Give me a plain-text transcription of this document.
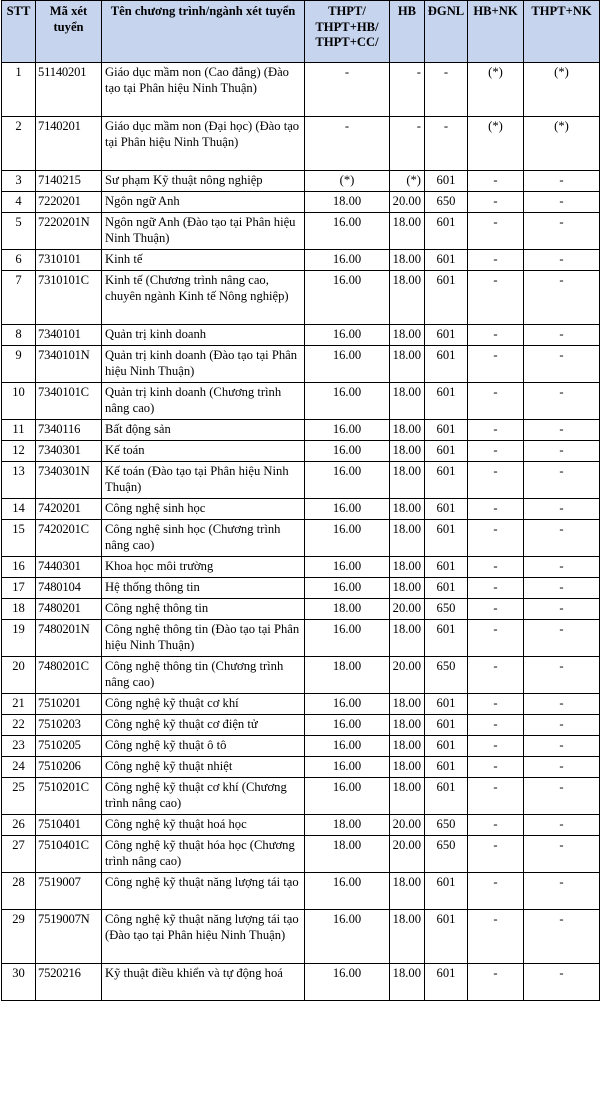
STT	Mã xét tuyển	Tên chương trình/ngành xét tuyển	THPT/ THPT+HB/ THPT+CC/	HB	ĐGNL	HB+NK	THPT+NK
1	51140201	Giáo dục mầm non (Cao đẳng) (Đào tạo tại Phân hiệu Ninh Thuận)	-	-	-	(*)	(*)
2	7140201	Giáo dục mầm non (Đại học) (Đào tạo tại Phân hiệu Ninh Thuận)	-	-	-	(*)	(*)
3	7140215	Sư phạm Kỹ thuật nông nghiệp	(*)	(*)	601	-	-
4	7220201	Ngôn ngữ Anh	18.00	20.00	650	-	-
5	7220201N	Ngôn ngữ Anh (Đào tạo tại Phân hiệu Ninh Thuận)	16.00	18.00	601	-	-
6	7310101	Kinh tế	16.00	18.00	601	-	-
7	7310101C	Kinh tế (Chương trình nâng cao, chuyên ngành Kinh tế Nông nghiệp)	16.00	18.00	601	-	-
8	7340101	Quản trị kinh doanh	16.00	18.00	601	-	-
9	7340101N	Quản trị kinh doanh (Đào tạo tại Phân hiệu Ninh Thuận)	16.00	18.00	601	-	-
10	7340101C	Quản trị kinh doanh (Chương trình nâng cao)	16.00	18.00	601	-	-
11	7340116	Bất động sản	16.00	18.00	601	-	-
12	7340301	Kế toán	16.00	18.00	601	-	-
13	7340301N	Kế toán (Đào tạo tại Phân hiệu Ninh Thuận)	16.00	18.00	601	-	-
14	7420201	Công nghệ sinh học	16.00	18.00	601	-	-
15	7420201C	Công nghệ sinh học (Chương trình nâng cao)	16.00	18.00	601	-	-
16	7440301	Khoa học môi trường	16.00	18.00	601	-	-
17	7480104	Hệ thống thông tin	16.00	18.00	601	-	-
18	7480201	Công nghệ thông tin	18.00	20.00	650	-	-
19	7480201N	Công nghệ thông tin (Đào tạo tại Phân hiệu Ninh Thuận)	16.00	18.00	601	-	-
20	7480201C	Công nghệ thông tin (Chương trình nâng cao)	18.00	20.00	650	-	-
21	7510201	Công nghệ kỹ thuật cơ khí	16.00	18.00	601	-	-
22	7510203	Công nghệ kỹ thuật cơ điện tử	16.00	18.00	601	-	-
23	7510205	Công nghệ kỹ thuật ô tô	16.00	18.00	601	-	-
24	7510206	Công nghệ kỹ thuật nhiệt	16.00	18.00	601	-	-
25	7510201C	Công nghệ kỹ thuật cơ khí (Chương trình nâng cao)	16.00	18.00	601	-	-
26	7510401	Công nghệ kỹ thuật hoá học	18.00	20.00	650	-	-
27	7510401C	Công nghệ kỹ thuật hóa học (Chương trình nâng cao)	18.00	20.00	650	-	-
28	7519007	Công nghệ kỹ thuật năng lượng tái tạo	16.00	18.00	601	-	-
29	7519007N	Công nghệ kỹ thuật năng lượng tái tạo (Đào tạo tại Phân hiệu Ninh Thuận)	16.00	18.00	601	-	-
30	7520216	Kỹ thuật điều khiển và tự động hoá	16.00	18.00	601	-	-
